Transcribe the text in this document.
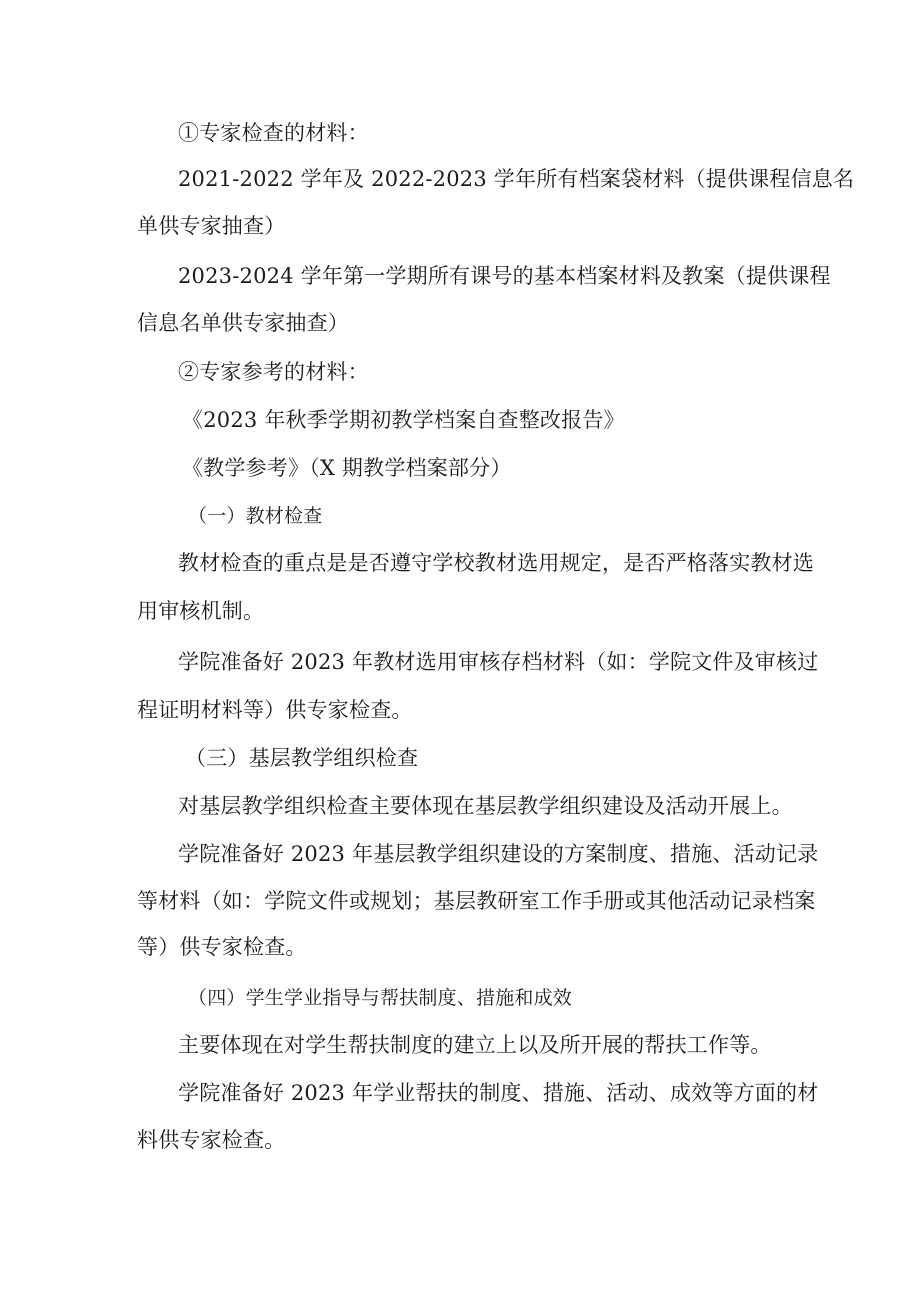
①专家检查的材料：

2021-2022 学年及 2022-2023 学年所有档案袋材料（提供课程信息名

单供专家抽查）

2023-2024 学年第一学期所有课号的基本档案材料及教案（提供课程

信息名单供专家抽查）

②专家参考的材料：

《2023 年秋季学期初教学档案自查整改报告》

《教学参考》（X 期教学档案部分）

（一）教材检查

教材检查的重点是是否遵守学校教材选用规定，是否严格落实教材选

用审核机制。

学院准备好 2023 年教材选用审核存档材料（如：学院文件及审核过

程证明材料等）供专家检查。

（三）基层教学组织检查

对基层教学组织检查主要体现在基层教学组织建设及活动开展上。

学院准备好 2023 年基层教学组织建设的方案制度、措施、活动记录

等材料（如：学院文件或规划；基层教研室工作手册或其他活动记录档案

等）供专家检查。

（四）学生学业指导与帮扶制度、措施和成效

主要体现在对学生帮扶制度的建立上以及所开展的帮扶工作等。

学院准备好 2023 年学业帮扶的制度、措施、活动、成效等方面的材

料供专家检查。
